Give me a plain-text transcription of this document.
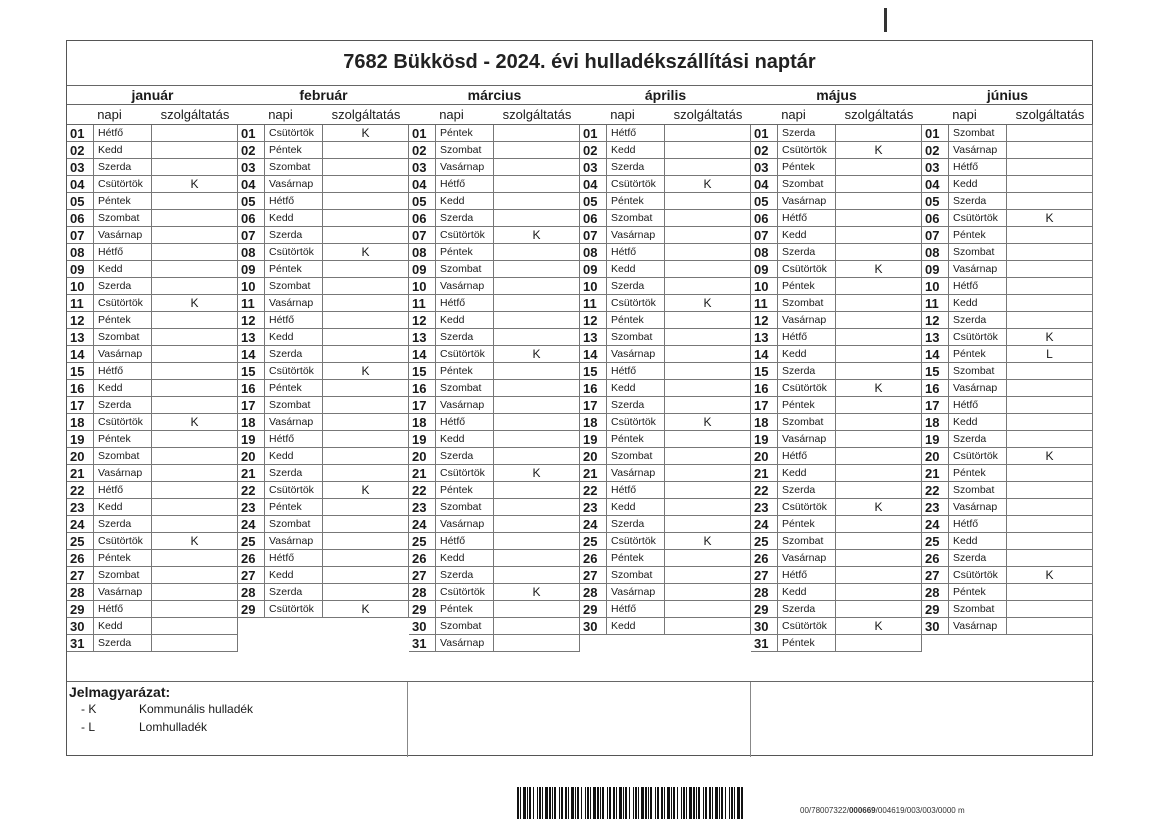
7682 Bükkösd - 2024. évi hulladékszállítási naptár
január
napi	szolgáltatás
01	Hétfő
02	Kedd
03	Szerda
04	Csütörtök	K
05	Péntek
06	Szombat
07	Vasárnap
08	Hétfő
09	Kedd
10	Szerda
11	Csütörtök	K
12	Péntek
13	Szombat
14	Vasárnap
15	Hétfő
16	Kedd
17	Szerda
18	Csütörtök	K
19	Péntek
20	Szombat
21	Vasárnap
22	Hétfő
23	Kedd
24	Szerda
25	Csütörtök	K
26	Péntek
27	Szombat
28	Vasárnap
29	Hétfő
30	Kedd
31	Szerda
február
napi	szolgáltatás
01	Csütörtök	K
02	Péntek
03	Szombat
04	Vasárnap
05	Hétfő
06	Kedd
07	Szerda
08	Csütörtök	K
09	Péntek
10	Szombat
11	Vasárnap
12	Hétfő
13	Kedd
14	Szerda
15	Csütörtök	K
16	Péntek
17	Szombat
18	Vasárnap
19	Hétfő
20	Kedd
21	Szerda
22	Csütörtök	K
23	Péntek
24	Szombat
25	Vasárnap
26	Hétfő
27	Kedd
28	Szerda
29	Csütörtök	K
március
napi	szolgáltatás
01	Péntek
02	Szombat
03	Vasárnap
04	Hétfő
05	Kedd
06	Szerda
07	Csütörtök	K
08	Péntek
09	Szombat
10	Vasárnap
11	Hétfő
12	Kedd
13	Szerda
14	Csütörtök	K
15	Péntek
16	Szombat
17	Vasárnap
18	Hétfő
19	Kedd
20	Szerda
21	Csütörtök	K
22	Péntek
23	Szombat
24	Vasárnap
25	Hétfő
26	Kedd
27	Szerda
28	Csütörtök	K
29	Péntek
30	Szombat
31	Vasárnap
április
napi	szolgáltatás
01	Hétfő
02	Kedd
03	Szerda
04	Csütörtök	K
05	Péntek
06	Szombat
07	Vasárnap
08	Hétfő
09	Kedd
10	Szerda
11	Csütörtök	K
12	Péntek
13	Szombat
14	Vasárnap
15	Hétfő
16	Kedd
17	Szerda
18	Csütörtök	K
19	Péntek
20	Szombat
21	Vasárnap
22	Hétfő
23	Kedd
24	Szerda
25	Csütörtök	K
26	Péntek
27	Szombat
28	Vasárnap
29	Hétfő
30	Kedd
május
napi	szolgáltatás
01	Szerda
02	Csütörtök	K
03	Péntek
04	Szombat
05	Vasárnap
06	Hétfő
07	Kedd
08	Szerda
09	Csütörtök	K
10	Péntek
11	Szombat
12	Vasárnap
13	Hétfő
14	Kedd
15	Szerda
16	Csütörtök	K
17	Péntek
18	Szombat
19	Vasárnap
20	Hétfő
21	Kedd
22	Szerda
23	Csütörtök	K
24	Péntek
25	Szombat
26	Vasárnap
27	Hétfő
28	Kedd
29	Szerda
30	Csütörtök	K
31	Péntek
június
napi	szolgáltatás
01	Szombat
02	Vasárnap
03	Hétfő
04	Kedd
05	Szerda
06	Csütörtök	K
07	Péntek
08	Szombat
09	Vasárnap
10	Hétfő
11	Kedd
12	Szerda
13	Csütörtök	K
14	Péntek	L
15	Szombat
16	Vasárnap
17	Hétfő
18	Kedd
19	Szerda
20	Csütörtök	K
21	Péntek
22	Szombat
23	Vasárnap
24	Hétfő
25	Kedd
26	Szerda
27	Csütörtök	K
28	Péntek
29	Szombat
30	Vasárnap
Jelmagyarázat:
- K	Kommunális hulladék
- L	Lomhulladék
00/78007322/000669/004619/003/003/0000 m
